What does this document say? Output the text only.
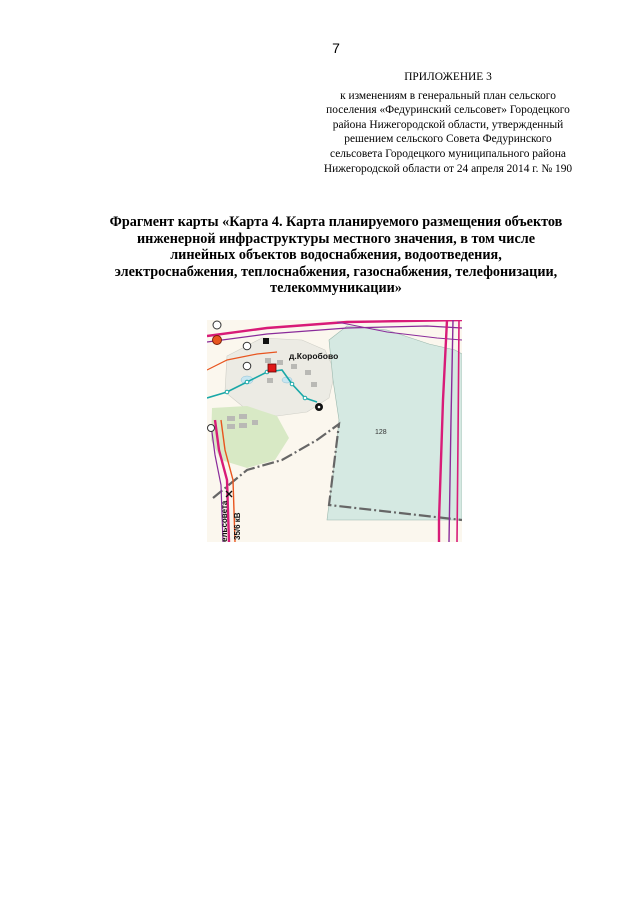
7
ПРИЛОЖЕНИЕ 3
к изменениям в генеральный план сельского
поселения «Федуринский сельсовет» Городецкого
района Нижегородской области, утвержденный
решением сельского Совета Федуринского
сельсовета Городецкого муниципального района
Нижегородской области от 24 апреля 2014 г. № 190
Фрагмент карты «Карта 4. Карта планируемого размещения объектов
инженерной инфраструктуры местного значения, в том числе
линейных объектов водоснабжения, водоотведения,
электроснабжения, теплоснабжения, газоснабжения, телефонизации,
телекоммуникации»
д.Коробово
128
ельсовета 35/6 кВ
